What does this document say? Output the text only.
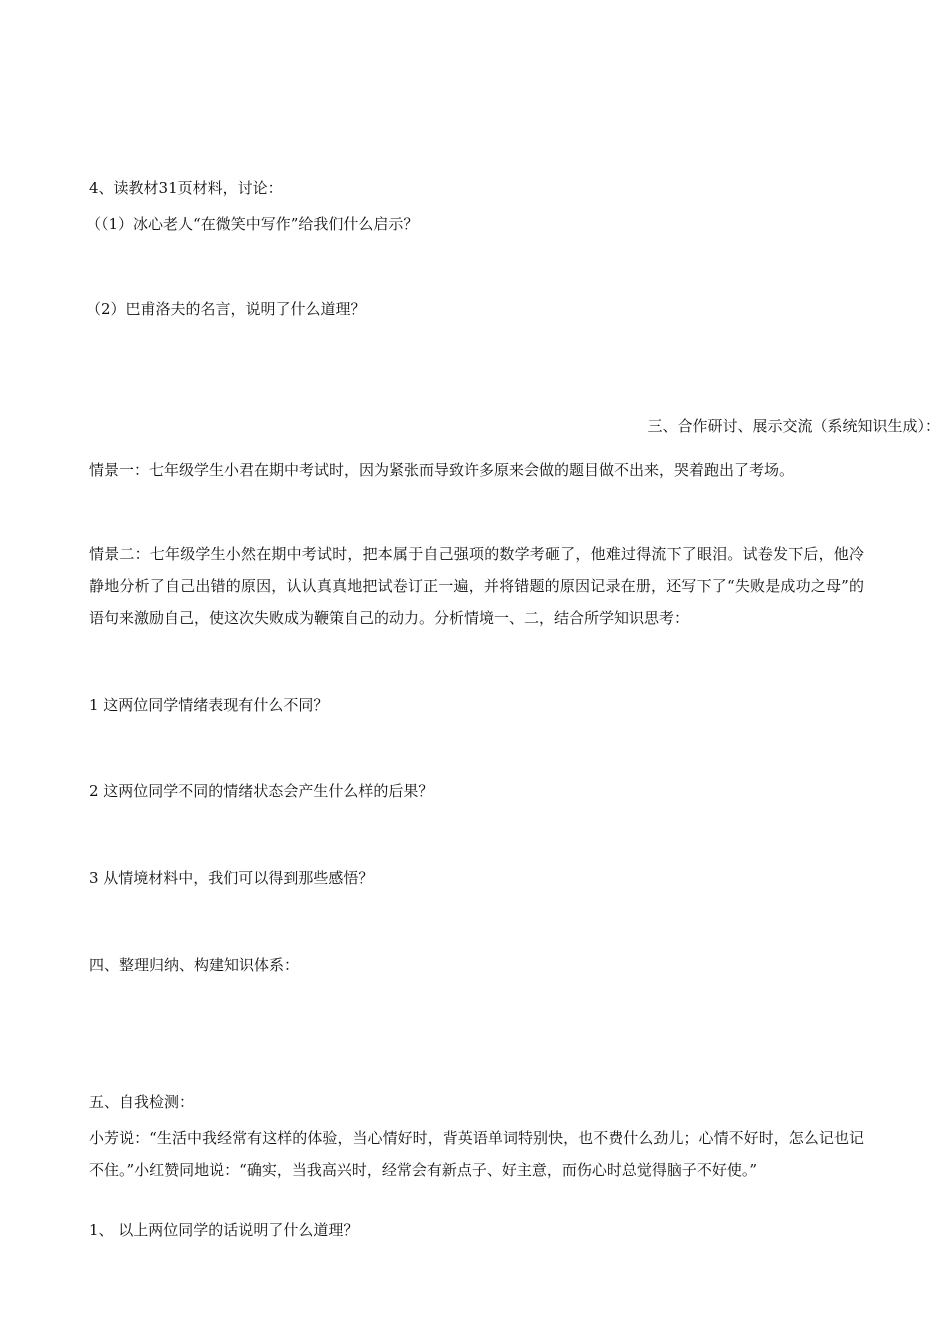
4、读教材31页材料，讨论：
（（1）冰心老人“在微笑中写作”给我们什么启示？
（2）巴甫洛夫的名言，说明了什么道理？
三、合作研讨、展示交流（系统知识生成）：
情景一：七年级学生小君在期中考试时，因为紧张而导致许多原来会做的题目做不出来，哭着跑出了考场。
情景二：七年级学生小然在期中考试时，把本属于自己强项的数学考砸了，他难过得流下了眼泪。试卷发下后，他冷静地分析了自己出错的原因，认认真真地把试卷订正一遍，并将错题的原因记录在册，还写下了“失败是成功之母”的语句来激励自己，使这次失败成为鞭策自己的动力。分析情境一、二，结合所学知识思考：
1 这两位同学情绪表现有什么不同？
2 这两位同学不同的情绪状态会产生什么样的后果？
3 从情境材料中，我们可以得到那些感悟？
四、整理归纳、构建知识体系：
五、自我检测：
小芳说：“生活中我经常有这样的体验，当心情好时，背英语单词特别快，也不费什么劲儿；心情不好时，怎么记也记不住。”小红赞同地说：“确实，当我高兴时，经常会有新点子、好主意，而伤心时总觉得脑子不好使。”
1、 以上两位同学的话说明了什么道理？
